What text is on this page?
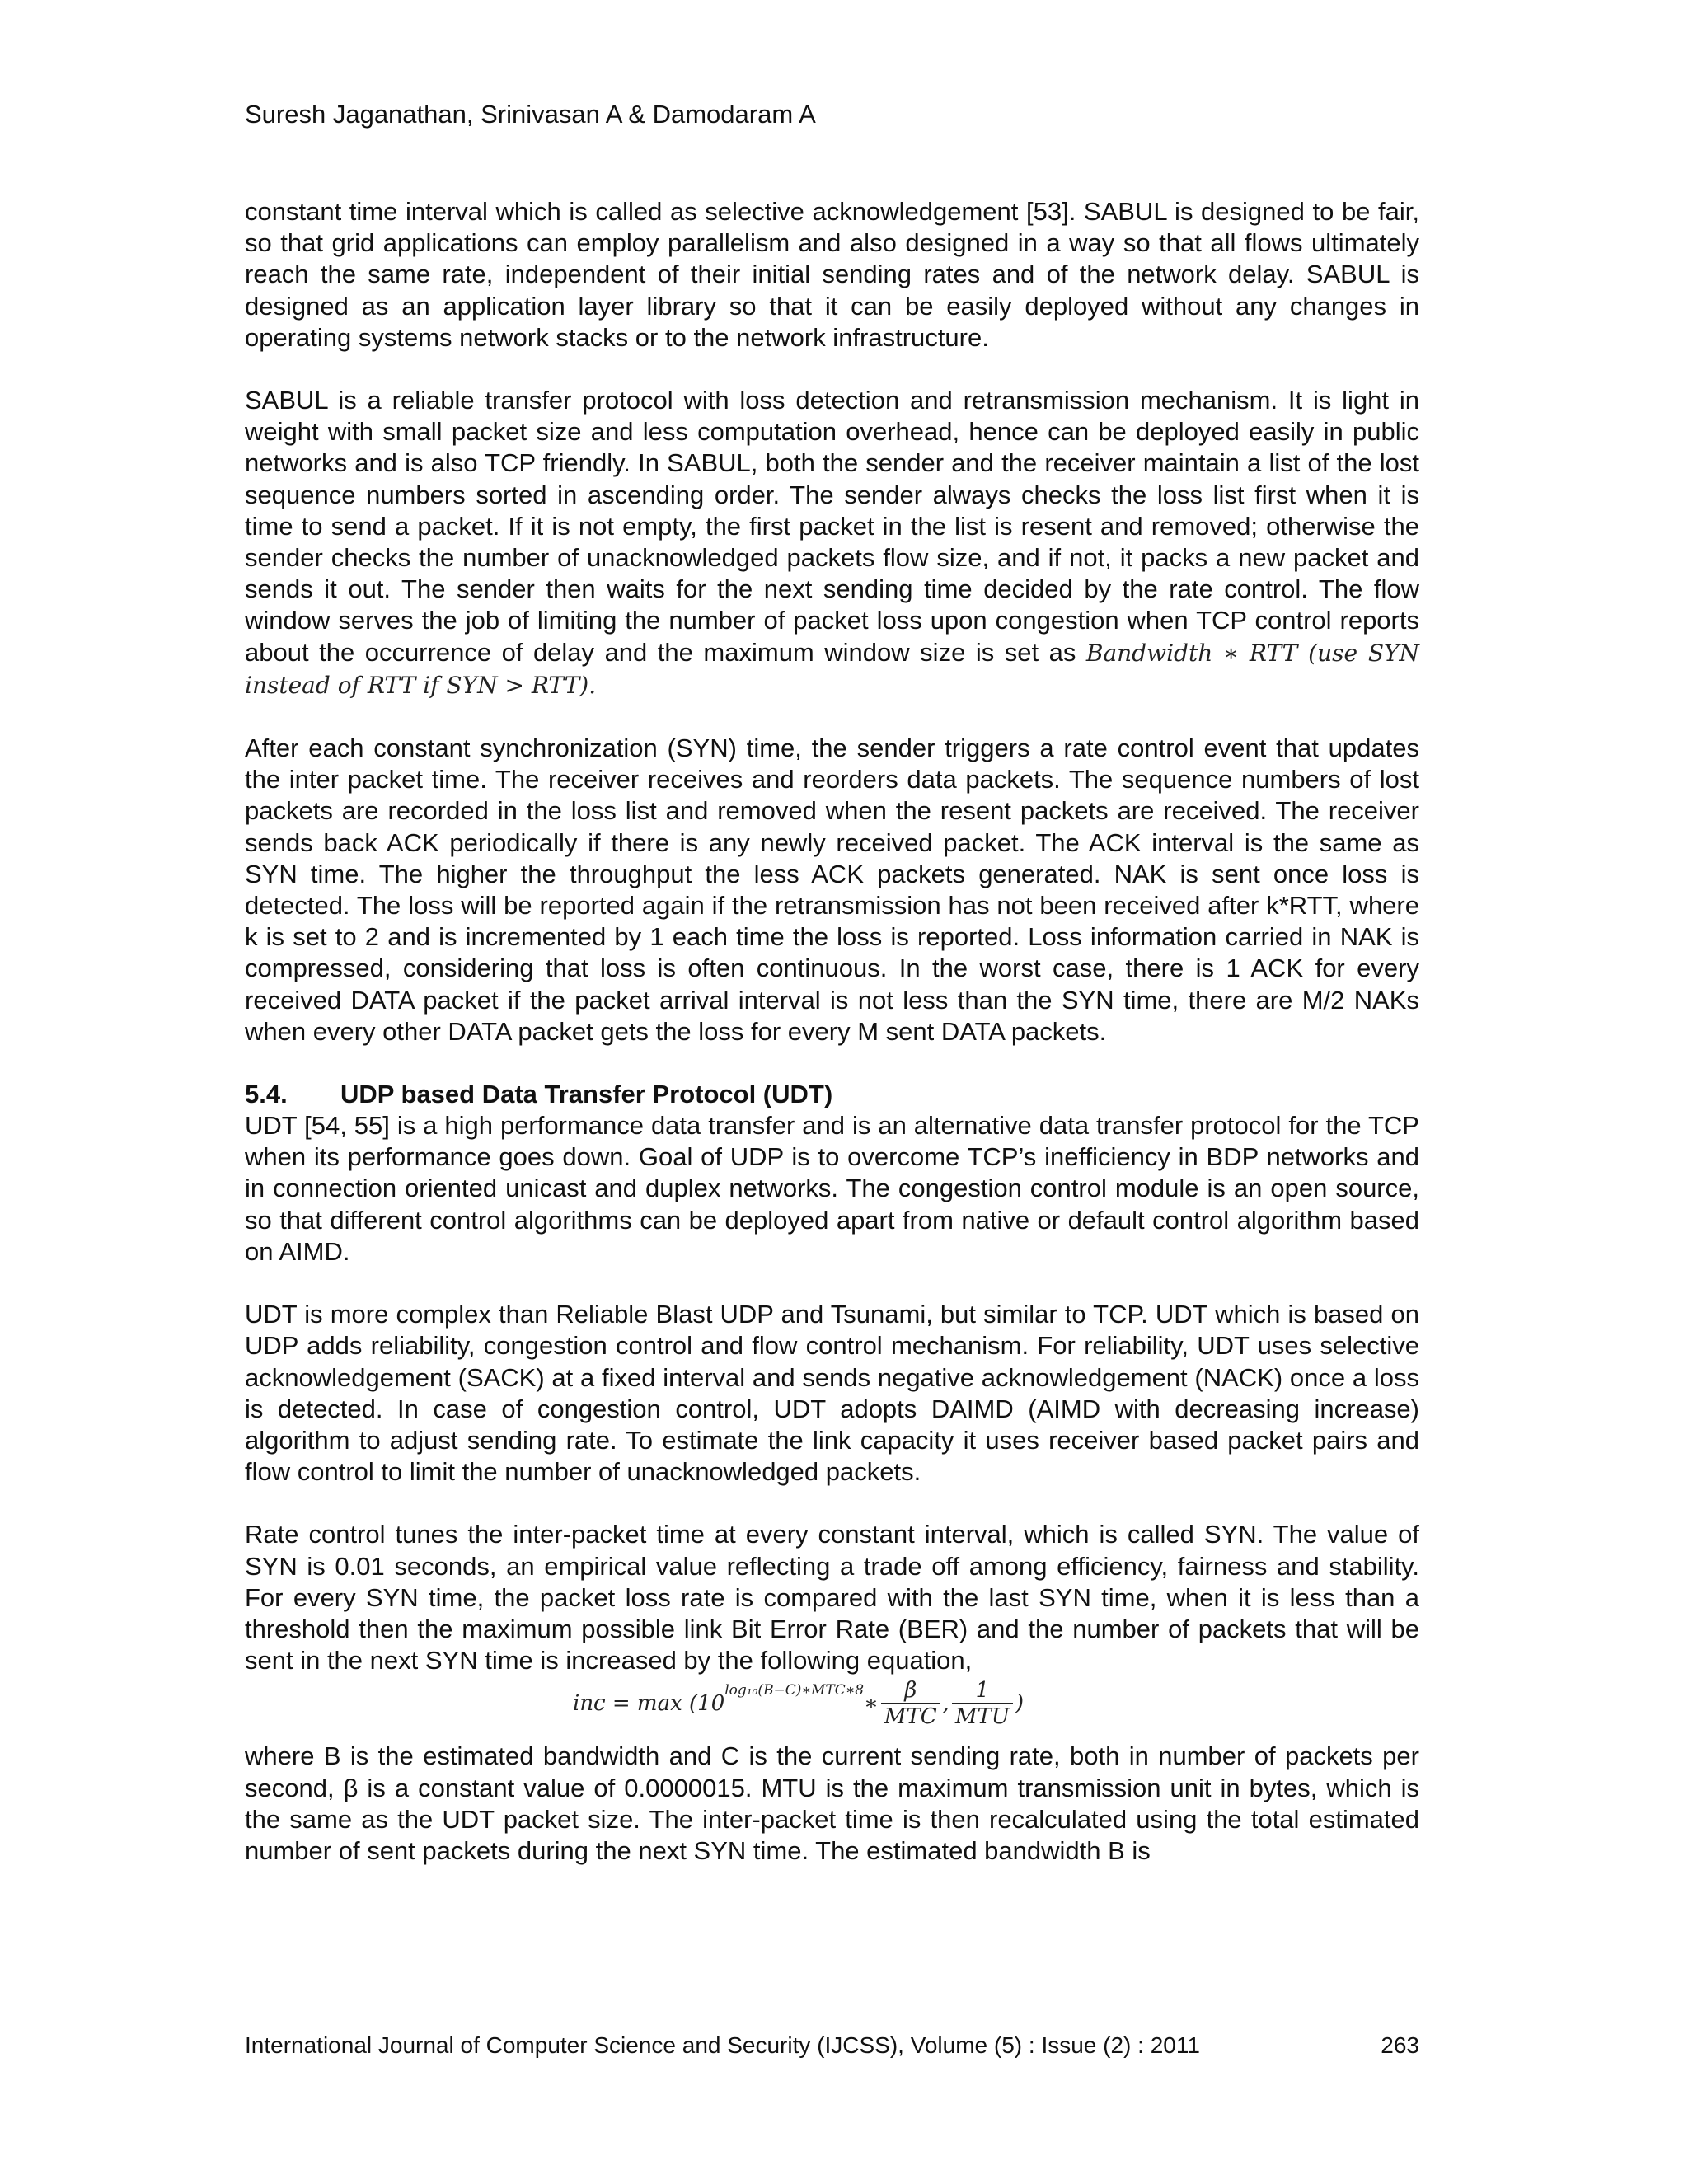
Suresh Jaganathan, Srinivasan A & Damodaram A

constant time interval which is called as selective acknowledgement [53]. SABUL is designed to be fair, so that grid applications can employ parallelism and also designed in a way so that all flows ultimately reach the same rate, independent of their initial sending rates and of the network delay. SABUL is designed as an application layer library so that it can be easily deployed without any changes in operating systems network stacks or to the network infrastructure.

SABUL is a reliable transfer protocol with loss detection and retransmission mechanism. It is light in weight with small packet size and less computation overhead, hence can be deployed easily in public networks and is also TCP friendly. In SABUL, both the sender and the receiver maintain a list of the lost sequence numbers sorted in ascending order. The sender always checks the loss list first when it is time to send a packet. If it is not empty, the first packet in the list is resent and removed; otherwise the sender checks the number of unacknowledged packets flow size, and if not, it packs a new packet and sends it out. The sender then waits for the next sending time decided by the rate control. The flow window serves the job of limiting the number of packet loss upon congestion when TCP control reports about the occurrence of delay and the maximum window size is set as Bandwidth ∗ RTT (use SYN instead of RTT if SYN > RTT).

After each constant synchronization (SYN) time, the sender triggers a rate control event that updates the inter packet time. The receiver receives and reorders data packets. The sequence numbers of lost packets are recorded in the loss list and removed when the resent packets are received. The receiver sends back ACK periodically if there is any newly received packet. The ACK interval is the same as SYN time. The higher the throughput the less ACK packets generated. NAK is sent once loss is detected. The loss will be reported again if the retransmission has not been received after k*RTT, where k is set to 2 and is incremented by 1 each time the loss is reported. Loss information carried in NAK is compressed, considering that loss is often continuous. In the worst case, there is 1 ACK for every received DATA packet if the packet arrival interval is not less than the SYN time, there are M/2 NAKs when every other DATA packet gets the loss for every M sent DATA packets.

5.4. UDP based Data Transfer Protocol (UDT)

UDT [54, 55] is a high performance data transfer and is an alternative data transfer protocol for the TCP when its performance goes down. Goal of UDP is to overcome TCP’s inefficiency in BDP networks and in connection oriented unicast and duplex networks. The congestion control module is an open source, so that different control algorithms can be deployed apart from native or default control algorithm based on AIMD.

UDT is more complex than Reliable Blast UDP and Tsunami, but similar to TCP. UDT which is based on UDP adds reliability, congestion control and flow control mechanism. For reliability, UDT uses selective acknowledgement (SACK) at a fixed interval and sends negative acknowledgement (NACK) once a loss is detected. In case of congestion control, UDT adopts DAIMD (AIMD with decreasing increase) algorithm to adjust sending rate. To estimate the link capacity it uses receiver based packet pairs and flow control to limit the number of unacknowledged packets.

Rate control tunes the inter-packet time at every constant interval, which is called SYN. The value of SYN is 0.01 seconds, an empirical value reflecting a trade off among efficiency, fairness and stability. For every SYN time, the packet loss rate is compared with the last SYN time, when it is less than a threshold then the maximum possible link Bit Error Rate (BER) and the number of packets that will be sent in the next SYN time is increased by the following equation,

inc = max (10
log₁₀(B−C)∗MTC∗8
∗ $\frac{\beta}{\text{MTC}}$ , $\frac{1}{\text{MTU}}$ )

where B is the estimated bandwidth and C is the current sending rate, both in number of packets per second, β is a constant value of 0.0000015. MTU is the maximum transmission unit in bytes, which is the same as the UDT packet size. The inter-packet time is then recalculated using the total estimated number of sent packets during the next SYN time. The estimated bandwidth B is

International Journal of Computer Science and Security (IJCSS), Volume (5) : Issue (2) : 2011	263
